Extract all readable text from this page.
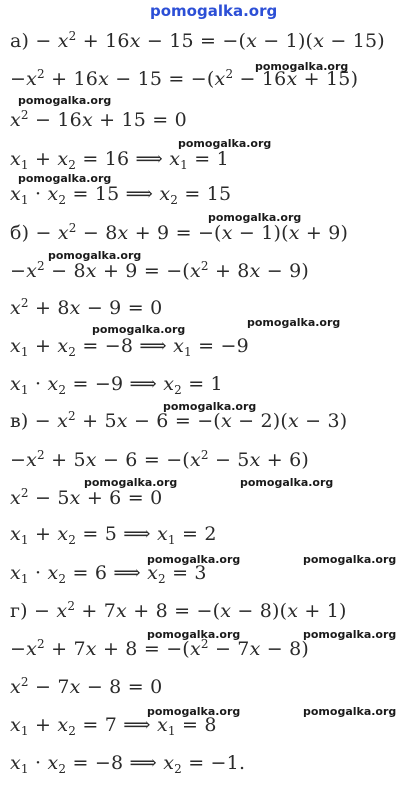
pomogalka.org
$а) - x^2 + 16x - 15 = -(x - 1)(x - 15)$
$-x^2 + 16x - 15 = -(x^2 - 16x + 15)$
$x^2 - 16x + 15 = 0$
$x_1 + x_2 = 16$ ⟹ $x_1 = 1$
$x_1 \cdot x_2 = 15$ ⟹ $x_2 = 15$
$б) - x^2 - 8x + 9 = -(x - 1)(x + 9)$
$-x^2 - 8x + 9 = -(x^2 + 8x - 9)$
$x^2 + 8x - 9 = 0$
$x_1 + x_2 = -8$ ⟹ $x_1 = -9$
$x_1 \cdot x_2 = -9$ ⟹ $x_2 = 1$
$в) - x^2 + 5x - 6 = -(x - 2)(x - 3)$
$-x^2 + 5x - 6 = -(x^2 - 5x + 6)$
$x^2 - 5x + 6 = 0$
$x_1 + x_2 = 5$ ⟹ $x_1 = 2$
$x_1 \cdot x_2 = 6$ ⟹ $x_2 = 3$
$г) - x^2 + 7x + 8 = -(x - 8)(x + 1)$
$-x^2 + 7x + 8 = -(x^2 - 7x - 8)$
$x^2 - 7x - 8 = 0$
$x_1 + x_2 = 7$ ⟹ $x_1 = 8$
$x_1 \cdot x_2 = -8$ ⟹ $x_2 = -1$.
pomogalka.org
pomogalka.org
pomogalka.org
pomogalka.org
pomogalka.org
pomogalka.org
pomogalka.org
pomogalka.org
pomogalka.org
pomogalka.org	pomogalka.org
pomogalka.org	pomogalka.org
pomogalka.org	pomogalka.org
pomogalka.org	pomogalka.org
